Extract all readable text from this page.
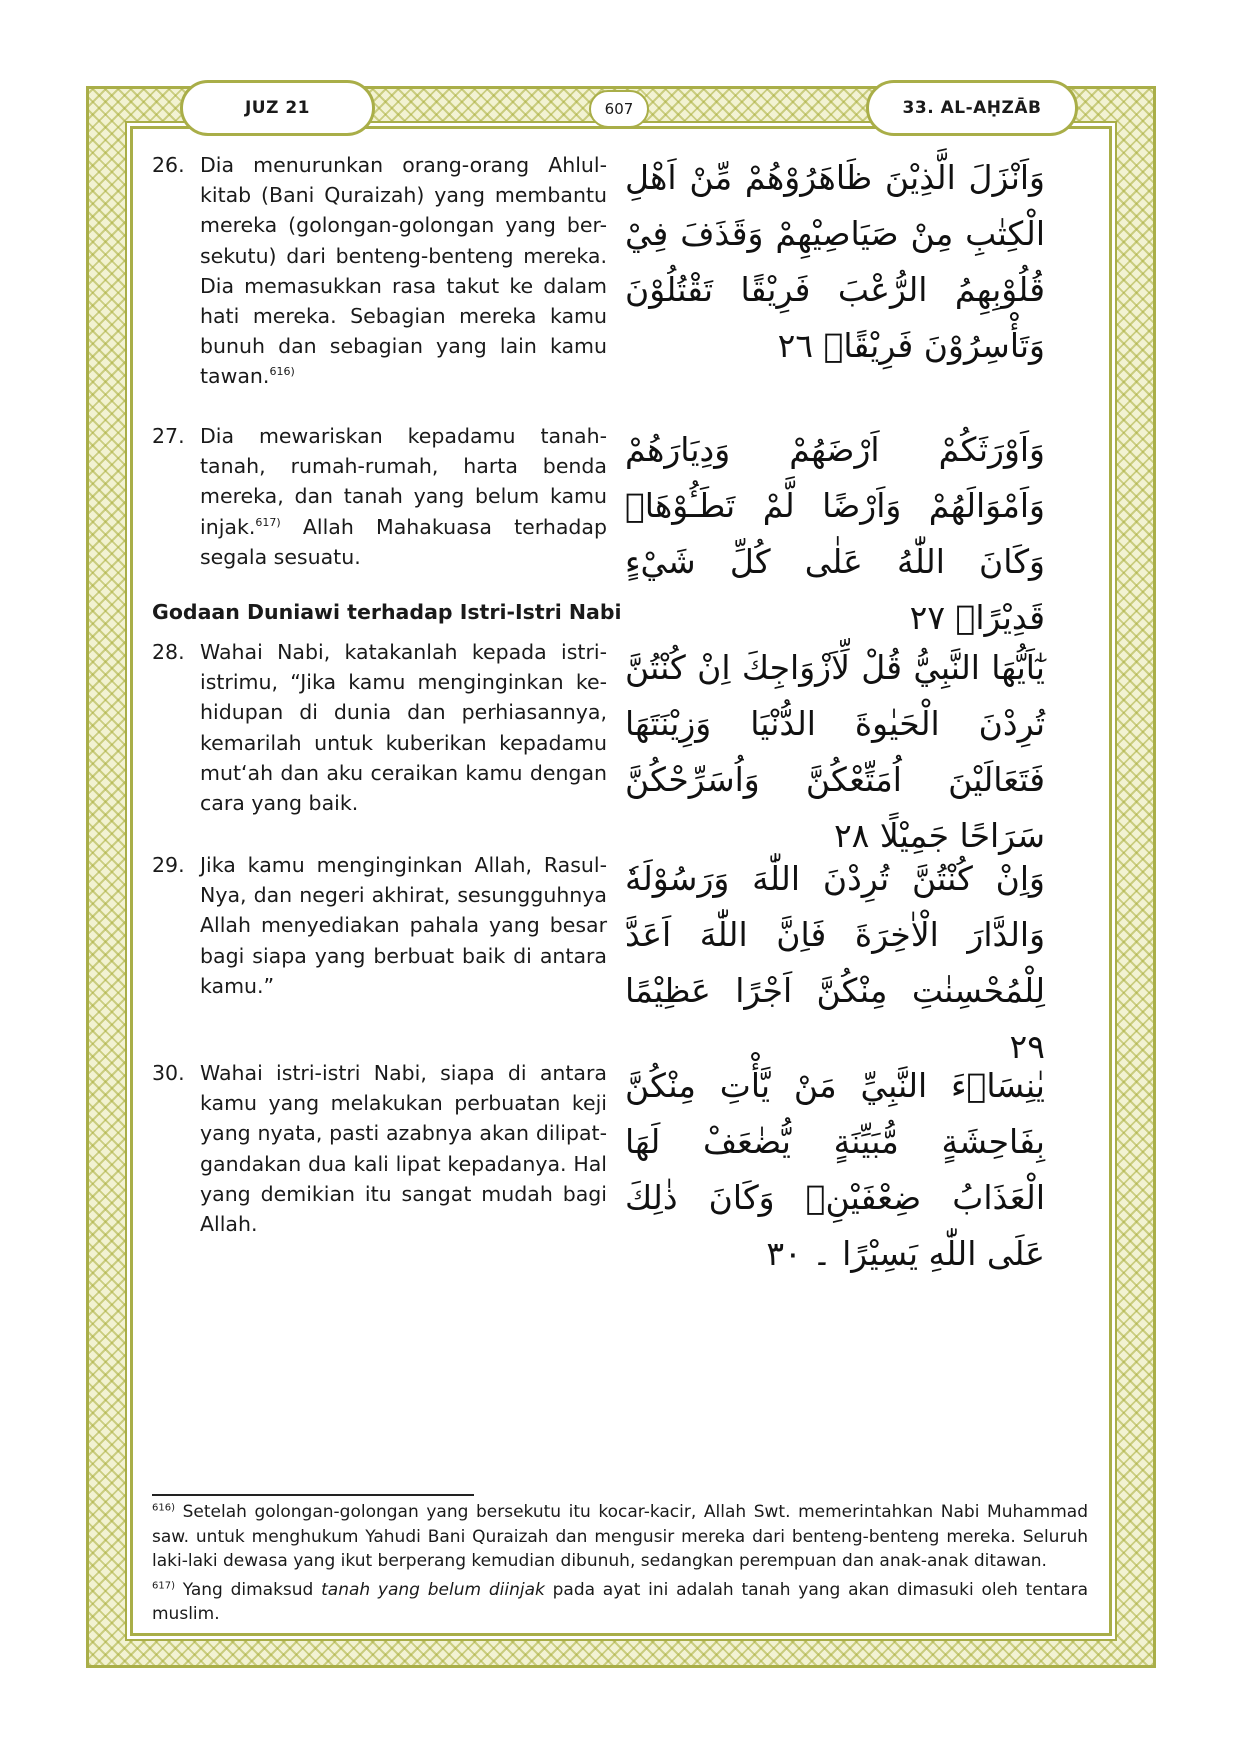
JUZ 21	607	33. AL-AḤZĀB
26. Dia menurunkan orang-orang Ahlul-kitab (Bani Quraizah) yang membantu mereka (golongan-golongan yang ber-sekutu) dari benteng-benteng mereka. Dia memasukkan rasa takut ke dalam hati mereka. Sebagian mereka kamu bunuh dan sebagian yang lain kamu tawan.$^{616)}$
وَاَنْزَلَ الَّذِيْنَ ظَاهَرُوْهُمْ مِّنْ اَهْلِ الْكِتٰبِ مِنْ صَيَاصِيْهِمْ وَقَذَفَ فِيْ قُلُوْبِهِمُ الرُّعْبَ فَرِيْقًا تَقْتُلُوْنَ وَتَأْسِرُوْنَ فَرِيْقًاۚ ٢٦
27. Dia mewariskan kepadamu tanah-tanah, rumah-rumah, harta benda mereka, dan tanah yang belum kamu injak.$^{617)}$ Allah Mahakuasa terhadap segala sesuatu.
وَاَوْرَثَكُمْ اَرْضَهُمْ وَدِيَارَهُمْ وَاَمْوَالَهُمْ وَاَرْضًا لَّمْ تَطَـُٔوْهَاۗ وَكَانَ اللّٰهُ عَلٰى كُلِّ شَيْءٍ قَدِيْرًاࣖ ٢٧
Godaan Duniawi terhadap Istri-Istri Nabi
28. Wahai Nabi, katakanlah kepada istri-istrimu, “Jika kamu menginginkan ke-hidupan di dunia dan perhiasannya, kemarilah untuk kuberikan kepadamu mut‘ah dan aku ceraikan kamu dengan cara yang baik.
يٰٓاَيُّهَا النَّبِيُّ قُلْ لِّاَزْوَاجِكَ اِنْ كُنْتُنَّ تُرِدْنَ الْحَيٰوةَ الدُّنْيَا وَزِيْنَتَهَا فَتَعَالَيْنَ اُمَتِّعْكُنَّ وَاُسَرِّحْكُنَّ سَرَاحًا جَمِيْلًا ٢٨
29. Jika kamu menginginkan Allah, Rasul-Nya, dan negeri akhirat, sesungguhnya Allah menyediakan pahala yang besar bagi siapa yang berbuat baik di antara kamu.”
وَاِنْ كُنْتُنَّ تُرِدْنَ اللّٰهَ وَرَسُوْلَهٗ وَالدَّارَ الْاٰخِرَةَ فَاِنَّ اللّٰهَ اَعَدَّ لِلْمُحْسِنٰتِ مِنْكُنَّ اَجْرًا عَظِيْمًا ٢٩
30. Wahai istri-istri Nabi, siapa di antara kamu yang melakukan perbuatan keji yang nyata, pasti azabnya akan dilipat-gandakan dua kali lipat kepadanya. Hal yang demikian itu sangat mudah bagi Allah.
يٰنِسَاۤءَ النَّبِيِّ مَنْ يَّأْتِ مِنْكُنَّ بِفَاحِشَةٍ مُّبَيِّنَةٍ يُّضٰعَفْ لَهَا الْعَذَابُ ضِعْفَيْنِۗ وَكَانَ ذٰلِكَ عَلَى اللّٰهِ يَسِيْرًا ۔ ٣٠

$^{616)}$ Setelah golongan-golongan yang bersekutu itu kocar-kacir, Allah Swt. memerintahkan Nabi Muhammad saw. untuk menghukum Yahudi Bani Quraizah dan mengusir mereka dari benteng-benteng mereka. Seluruh laki-laki dewasa yang ikut berperang kemudian dibunuh, sedangkan perempuan dan anak-anak ditawan.

$^{617)}$ Yang dimaksud tanah yang belum diinjak pada ayat ini adalah tanah yang akan dimasuki oleh tentara muslim.
